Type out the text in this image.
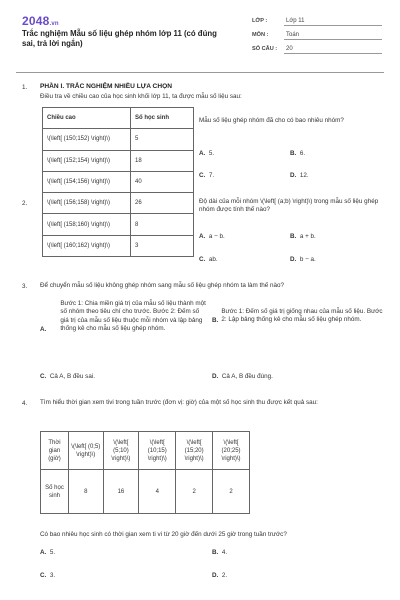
2048.vn
Trắc nghiệm Mẫu số liệu ghép nhóm lớp 11 (có đúng sai, trả lời ngắn)
LỚP :	Lớp 11
MÔN :	Toán
SỐ CÂU :	20
1. PHẦN I. TRẮC NGHIỆM NHIỀU LỰA CHỌN
Điều tra về chiều cao của học sinh khối lớp 11, ta được mẫu số liệu sau:
Chiều cao	Số học sinh
\(\left[ (150;152) \right)\)	5
\(\left[ (152;154) \right)\)	18
\(\left[ (154;156) \right)\)	40
\(\left[ (156;158) \right)\)	26
\(\left[ (158;160) \right)\)	8
\(\left[ (160;162) \right)\)	3
Mẫu số liệu ghép nhóm đã cho có bao nhiêu nhóm?
A. 5.	B. 6.
C. 7.	D. 12.
2.	Độ dài của mỗi nhóm \(\left[ (a;b) \right)\) trong mẫu số liệu ghép nhóm được tính thế nào?
A. a − b.	B. a + b.
C. ab.	D. b − a.
3. Để chuyển mẫu số liệu không ghép nhóm sang mẫu số liệu ghép nhóm ta làm thế nào?
A.
Bước 1: Chia miền giá trị của mẫu số liệu thành một số nhóm theo tiêu chí cho trước. Bước 2: Đếm số giá trị của mẫu số liệu thuộc mỗi nhóm và lập bảng thống kê cho mẫu số liệu ghép nhóm.
B.
Bước 1: Đếm số giá trị giống nhau của mẫu số liệu. Bước 2: Lập bảng thống kê cho mẫu số liệu ghép nhóm.
C. Cả A, B đều sai.	D. Cả A, B đều đúng.
4. Tìm hiểu thời gian xem tivi trong tuần trước (đơn vị: giờ) của một số học sinh thu được kết quả sau:
Thời gian (giờ)	\(\left[ (0;5) \right)\)	\(\left[ (5;10) \right)\)	\(\left[ (10;15) \right)\)	\(\left[ (15;20) \right)\)	\(\left[ (20;25) \right)\)
Số học sinh	8	16	4	2	2
Có bao nhiêu học sinh có thời gian xem ti vi từ 20 giờ đến dưới 25 giờ trong tuần trước?
A. 5.	B. 4.
C. 3.	D. 2.
